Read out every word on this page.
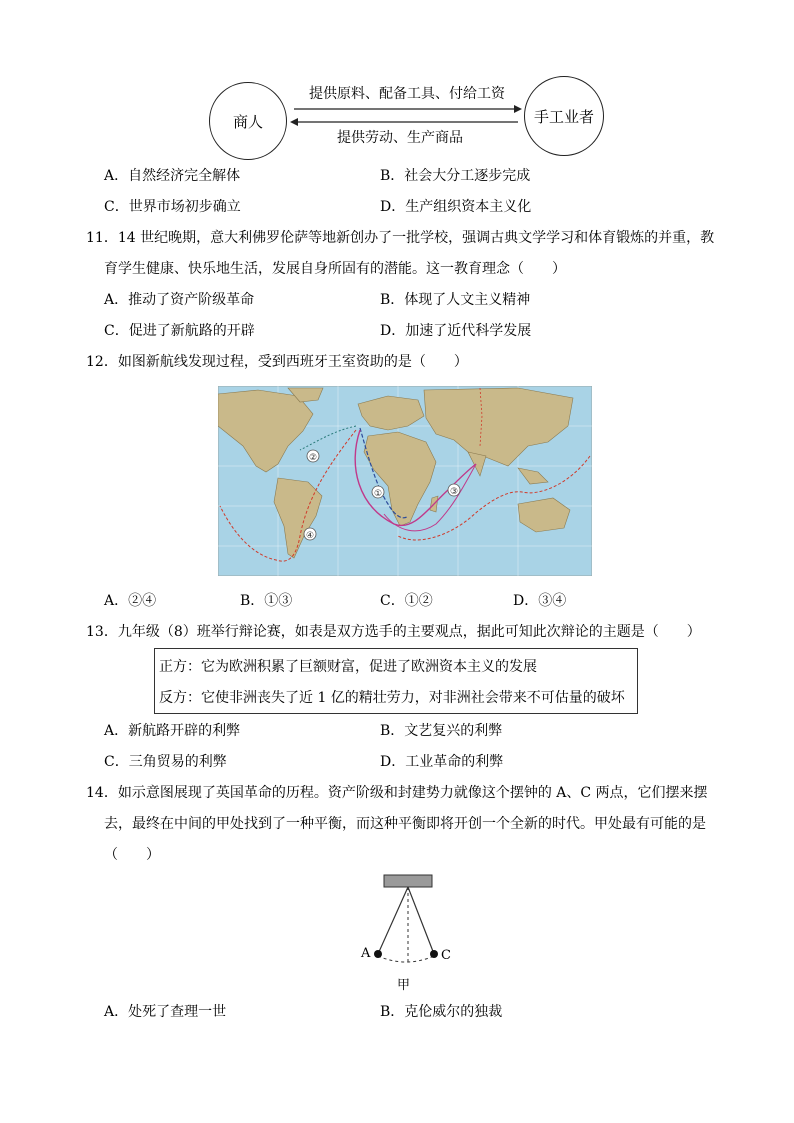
商人	手工业者
提供原料、配备工具、付给工资
提供劳动、生产商品
A．自然经济完全解体	B．社会大分工逐步完成
C．世界市场初步确立	D．生产组织资本主义化
11．14 世纪晚期，意大利佛罗伦萨等地新创办了一批学校，强调古典文学学习和体育锻炼的并重，教
育学生健康、快乐地生活，发展自身所固有的潜能。这一教育理念（　　）
A．推动了资产阶级革命	B．体现了人文主义精神
C．促进了新航路的开辟	D．加速了近代科学发展
12．如图新航线发现过程，受到西班牙王室资助的是（　　）
②
①	③
④
A．②④	B．①③	C．①②	D．③④
13．九年级（8）班举行辩论赛，如表是双方选手的主要观点，据此可知此次辩论的主题是（　　）
正方：它为欧洲积累了巨额财富，促进了欧洲资本主义的发展
反方：它使非洲丧失了近 1 亿的精壮劳力，对非洲社会带来不可估量的破坏
A．新航路开辟的利弊	B．文艺复兴的利弊
C．三角贸易的利弊	D．工业革命的利弊
14．如示意图展现了英国革命的历程。资产阶级和封建势力就像这个摆钟的 A、C 两点，它们摆来摆
去，最终在中间的甲处找到了一种平衡，而这种平衡即将开创一个全新的时代。甲处最有可能的是
（　　）
A	C
甲
A．处死了查理一世	B．克伦威尔的独裁
